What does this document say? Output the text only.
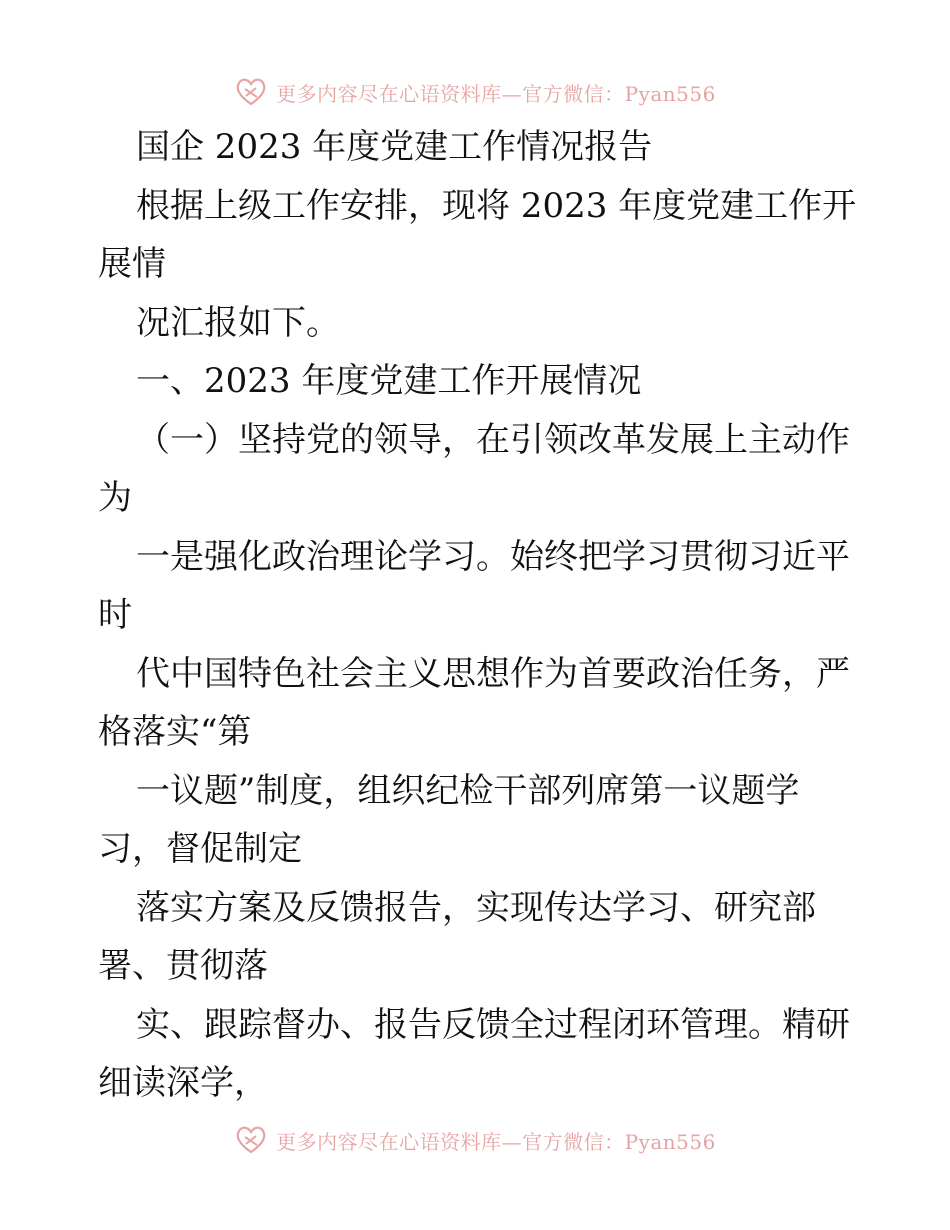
更多内容尽在心语资料库—官方微信：Pyan556

国企 2023 年度党建工作情况报告

根据上级工作安排，现将 2023 年度党建工作开

展情

况汇报如下。

一、2023 年度党建工作开展情况

（一）坚持党的领导，在引领改革发展上主动作

为

一是强化政治理论学习。始终把学习贯彻习近平

时

代中国特色社会主义思想作为首要政治任务，严

格落实“第

一议题”制度，组织纪检干部列席第一议题学

习，督促制定

落实方案及反馈报告，实现传达学习、研究部

署、贯彻落

实、跟踪督办、报告反馈全过程闭环管理。精研

细读深学，

更多内容尽在心语资料库—官方微信：Pyan556
